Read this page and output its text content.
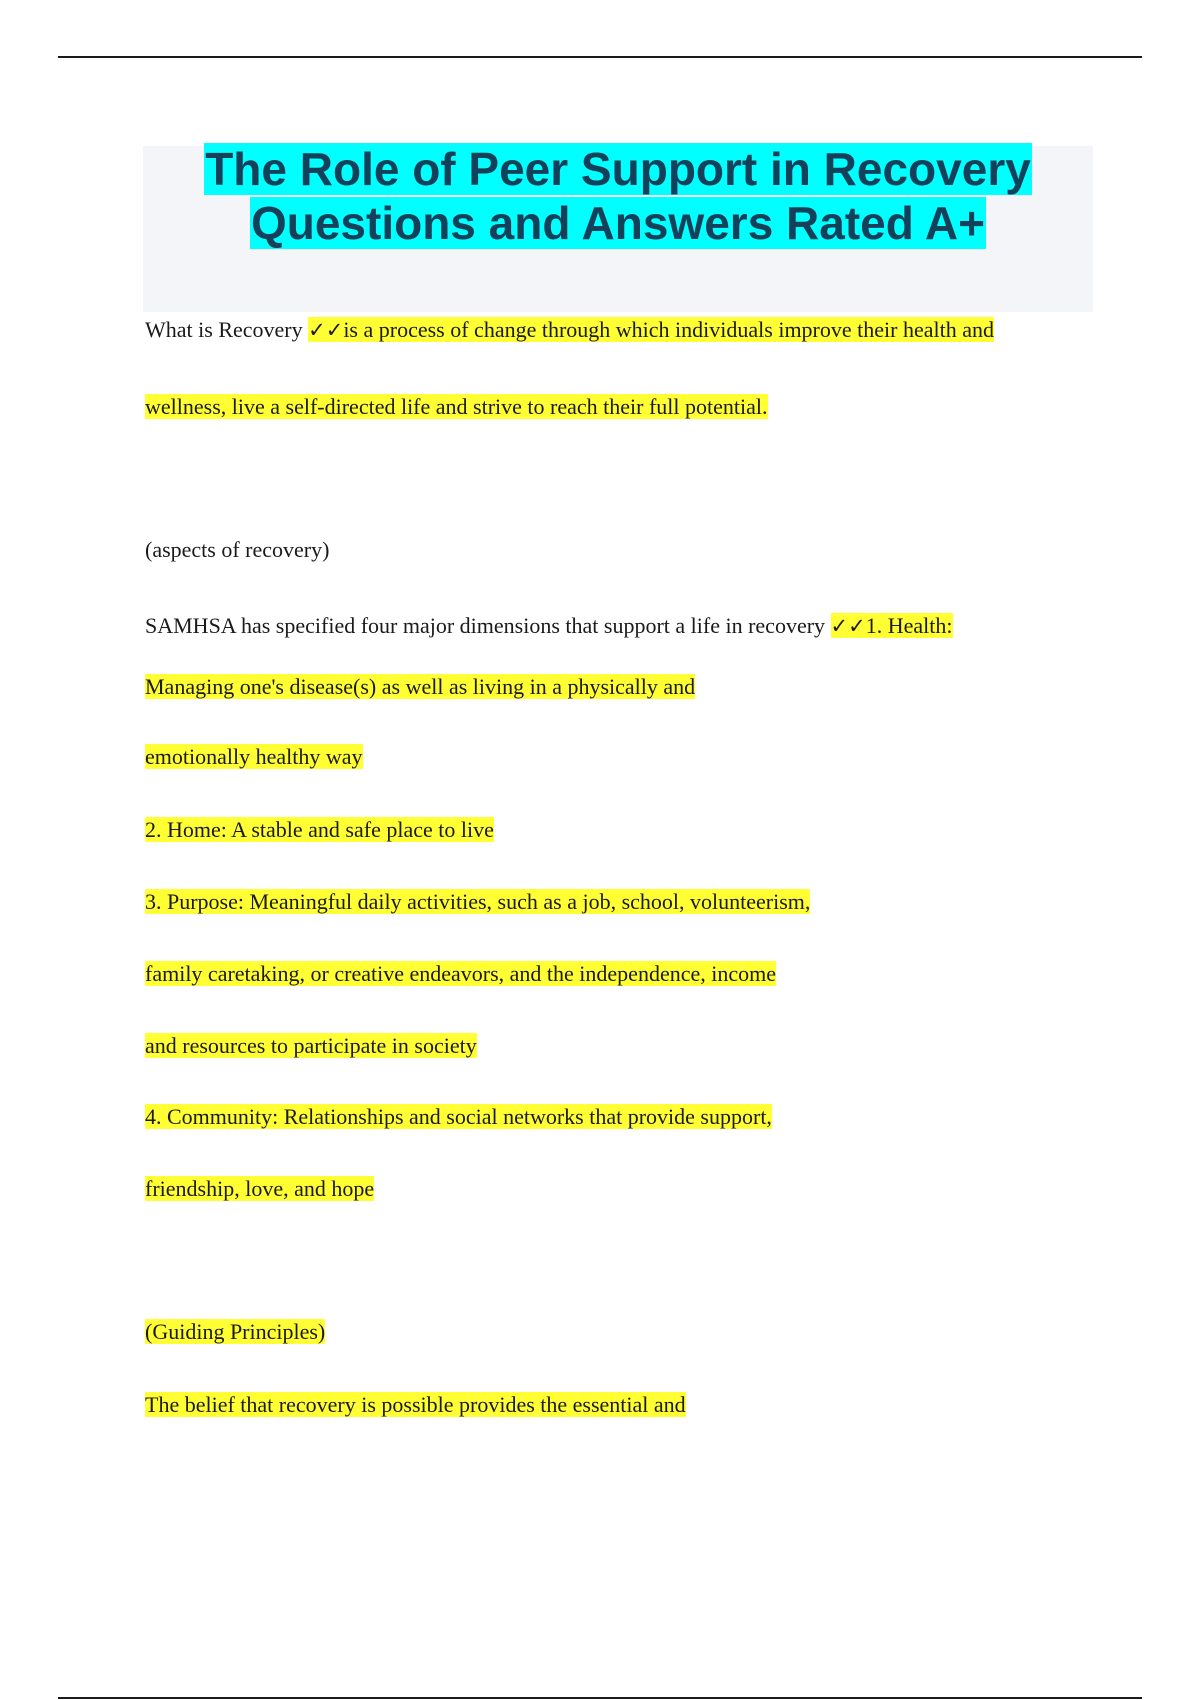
The Role of Peer Support in Recovery
Questions and Answers Rated A+

What is Recovery ✓✓is a process of change through which individuals improve their health and

wellness, live a self-directed life and strive to reach their full potential.

(aspects of recovery)

SAMHSA has specified four major dimensions that support a life in recovery ✓✓1. Health:

Managing one's disease(s) as well as living in a physically and

emotionally healthy way

2. Home: A stable and safe place to live

3. Purpose: Meaningful daily activities, such as a job, school, volunteerism,

family caretaking, or creative endeavors, and the independence, income

and resources to participate in society

4. Community: Relationships and social networks that provide support,

friendship, love, and hope

(Guiding Principles)

The belief that recovery is possible provides the essential and
